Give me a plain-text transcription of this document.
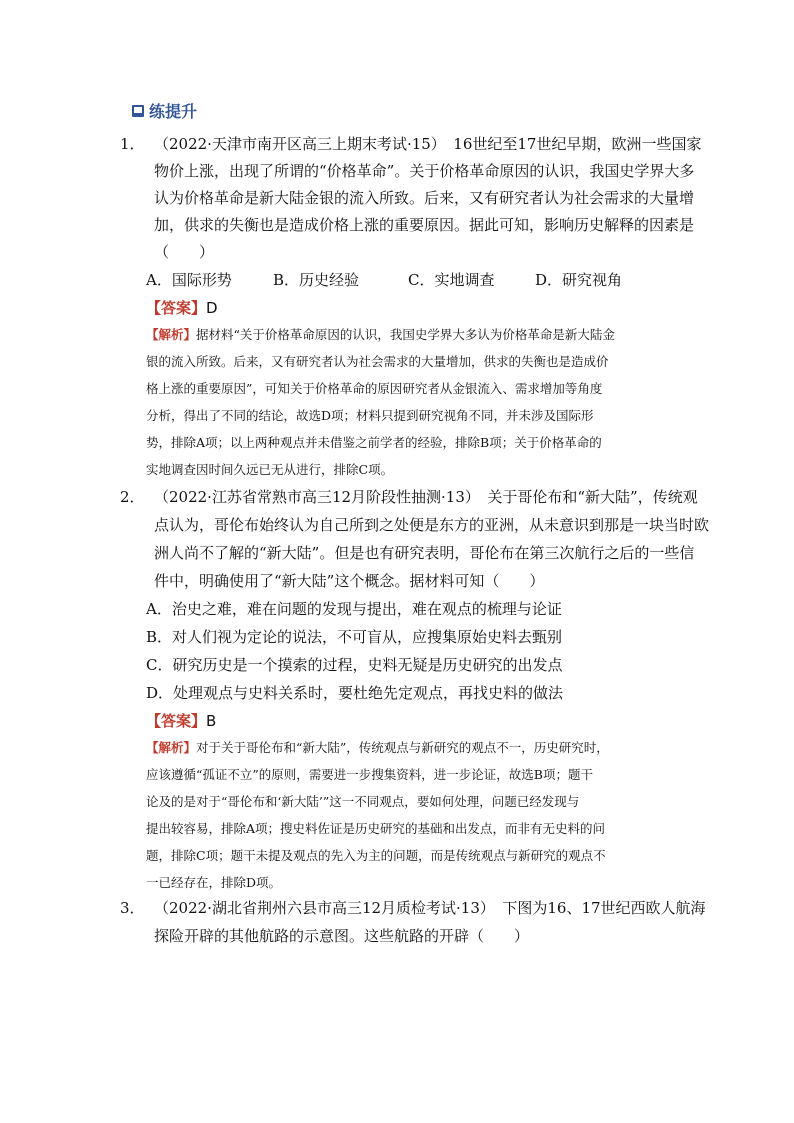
练提升
1． （2022·天津市南开区高三上期末考试·15）　16世纪至17世纪早期，欧洲一些国家
物价上涨，出现了所谓的“价格革命”。关于价格革命原因的认识，我国史学界大多
认为价格革命是新大陆金银的流入所致。后来，又有研究者认为社会需求的大量增
加，供求的失衡也是造成价格上涨的重要原因。据此可知，影响历史解释的因素是
（　　）
A．国际形势	B．历史经验	C．实地调查	D．研究视角
【答案】D
【解析】据材料“关于价格革命原因的认识，我国史学界大多认为价格革命是新大陆金
银的流入所致。后来，又有研究者认为社会需求的大量增加，供求的失衡也是造成价
格上涨的重要原因”，可知关于价格革命的原因研究者从金银流入、需求增加等角度
分析，得出了不同的结论，故选D项；材料只提到研究视角不同，并未涉及国际形
势，排除A项；以上两种观点并未借鉴之前学者的经验，排除B项；关于价格革命的
实地调查因时间久远已无从进行，排除C项。
2． （2022·江苏省常熟市高三12月阶段性抽测·13）　关于哥伦布和“新大陆”，传统观
点认为，哥伦布始终认为自己所到之处便是东方的亚洲，从未意识到那是一块当时欧
洲人尚不了解的“新大陆”。但是也有研究表明，哥伦布在第三次航行之后的一些信
件中，明确使用了“新大陆”这个概念。据材料可知（　　）
A．治史之难，难在问题的发现与提出，难在观点的梳理与论证
B．对人们视为定论的说法，不可盲从，应搜集原始史料去甄别
C．研究历史是一个摸索的过程，史料无疑是历史研究的出发点
D．处理观点与史料关系时，要杜绝先定观点，再找史料的做法
【答案】B
【解析】对于关于哥伦布和“新大陆”，传统观点与新研究的观点不一，历史研究时，
应该遵循“孤证不立”的原则，需要进一步搜集资料，进一步论证，故选B项；题干
论及的是对于“哥伦布和‘新大陆’”这一不同观点，要如何处理，问题已经发现与
提出较容易，排除A项；搜史料佐证是历史研究的基础和出发点，而非有无史料的问
题，排除C项；题干未提及观点的先入为主的问题，而是传统观点与新研究的观点不
一已经存在，排除D项。
3． （2022·湖北省荆州六县市高三12月质检考试·13）　下图为16、17世纪西欧人航海
探险开辟的其他航路的示意图。这些航路的开辟（　　）
